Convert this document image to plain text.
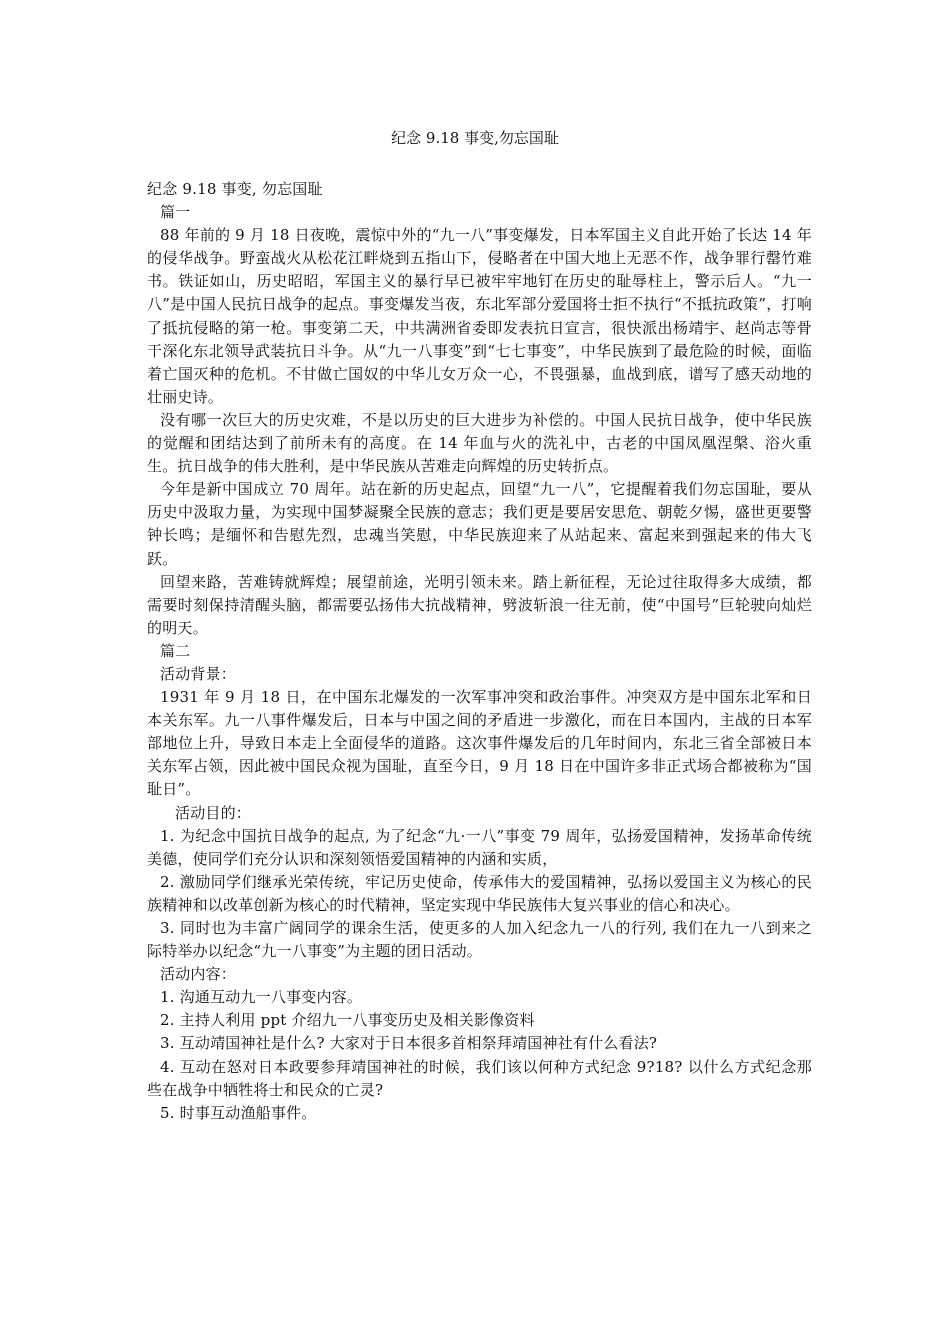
纪念 9.18 事变,勿忘国耻

纪念 9.18 事变, 勿忘国耻

篇一

88 年前的 9 月 18 日夜晚，震惊中外的“九一八”事变爆发，日本军国主义自此开始了长达 14 年的侵华战争。野蛮战火从松花江畔烧到五指山下，侵略者在中国大地上无恶不作，战争罪行罄竹难书。铁证如山，历史昭昭，军国主义的暴行早已被牢牢地钉在历史的耻辱柱上，警示后人。“九一八”是中国人民抗日战争的起点。事变爆发当夜，东北军部分爱国将士拒不执行“不抵抗政策”，打响了抵抗侵略的第一枪。事变第二天，中共满洲省委即发表抗日宣言，很快派出杨靖宇、赵尚志等骨干深化东北领导武装抗日斗争。从“九一八事变”到“七七事变”，中华民族到了最危险的时候，面临着亡国灭种的危机。不甘做亡国奴的中华儿女万众一心，不畏强暴，血战到底，谱写了感天动地的壮丽史诗。

没有哪一次巨大的历史灾难，不是以历史的巨大进步为补偿的。中国人民抗日战争，使中华民族的觉醒和团结达到了前所未有的高度。在 14 年血与火的洗礼中，古老的中国凤凰涅槃、浴火重生。抗日战争的伟大胜利，是中华民族从苦难走向辉煌的历史转折点。

今年是新中国成立 70 周年。站在新的历史起点，回望“九一八”，它提醒着我们勿忘国耻，要从历史中汲取力量，为实现中国梦凝聚全民族的意志；我们更是要居安思危、朝乾夕惕，盛世更要警钟长鸣；是缅怀和告慰先烈，忠魂当笑慰，中华民族迎来了从站起来、富起来到强起来的伟大飞跃。

回望来路，苦难铸就辉煌；展望前途，光明引领未来。踏上新征程，无论过往取得多大成绩，都需要时刻保持清醒头脑，都需要弘扬伟大抗战精神，劈波斩浪一往无前，使“中国号”巨轮驶向灿烂的明天。

篇二

活动背景：

1931 年 9 月 18 日，在中国东北爆发的一次军事冲突和政治事件。冲突双方是中国东北军和日本关东军。九一八事件爆发后，日本与中国之间的矛盾进一步激化，而在日本国内，主战的日本军部地位上升，导致日本走上全面侵华的道路。这次事件爆发后的几年时间内，东北三省全部被日本关东军占领，因此被中国民众视为国耻，直至今日，9 月 18 日在中国许多非正式场合都被称为“国耻日”。

活动目的：

1. 为纪念中国抗日战争的起点, 为了纪念“九·一八”事变 79 周年，弘扬爱国精神，发扬革命传统美德，使同学们充分认识和深刻领悟爱国精神的内涵和实质，

2. 激励同学们继承光荣传统，牢记历史使命，传承伟大的爱国精神，弘扬以爱国主义为核心的民族精神和以改革创新为核心的时代精神，坚定实现中华民族伟大复兴事业的信心和决心。

3. 同时也为丰富广阔同学的课余生活，使更多的人加入纪念九一八的行列, 我们在九一八到来之际特举办以纪念“九一八事变”为主题的团日活动。

活动内容：

1. 沟通互动九一八事变内容。

2. 主持人利用 ppt 介绍九一八事变历史及相关影像资料

3. 互动靖国神社是什么? 大家对于日本很多首相祭拜靖国神社有什么看法?

4. 互动在怒对日本政要参拜靖国神社的时候，我们该以何种方式纪念 9?18? 以什么方式纪念那些在战争中牺牲将士和民众的亡灵?

5. 时事互动渔船事件。
